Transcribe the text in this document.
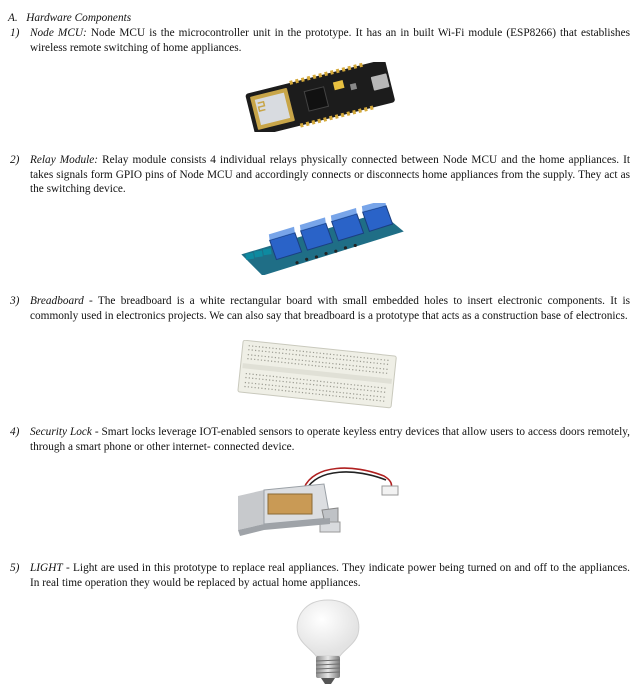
A. Hardware Components
1) Node MCU: Node MCU is the microcontroller unit in the prototype. It has an in built Wi-Fi module (ESP8266) that establishes wireless remote switching of home appliances.
2) Relay Module: Relay module consists 4 individual relays physically connected between Node MCU and the home appliances. It takes signals form GPIO pins of Node MCU and accordingly connects or disconnects home appliances from the supply. They act as the switching device.
3) Breadboard - The breadboard is a white rectangular board with small embedded holes to insert electronic components. It is commonly used in electronics projects. We can also say that breadboard is a prototype that acts as a construction base of electronics.
4) Security Lock - Smart locks leverage IOT-enabled sensors to operate keyless entry devices that allow users to access doors remotely, through a smart phone or other internet- connected device.
5) LIGHT - Light are used in this prototype to replace real appliances. They indicate power being turned on and off to the appliances. In real time operation they would be replaced by actual home appliances.
